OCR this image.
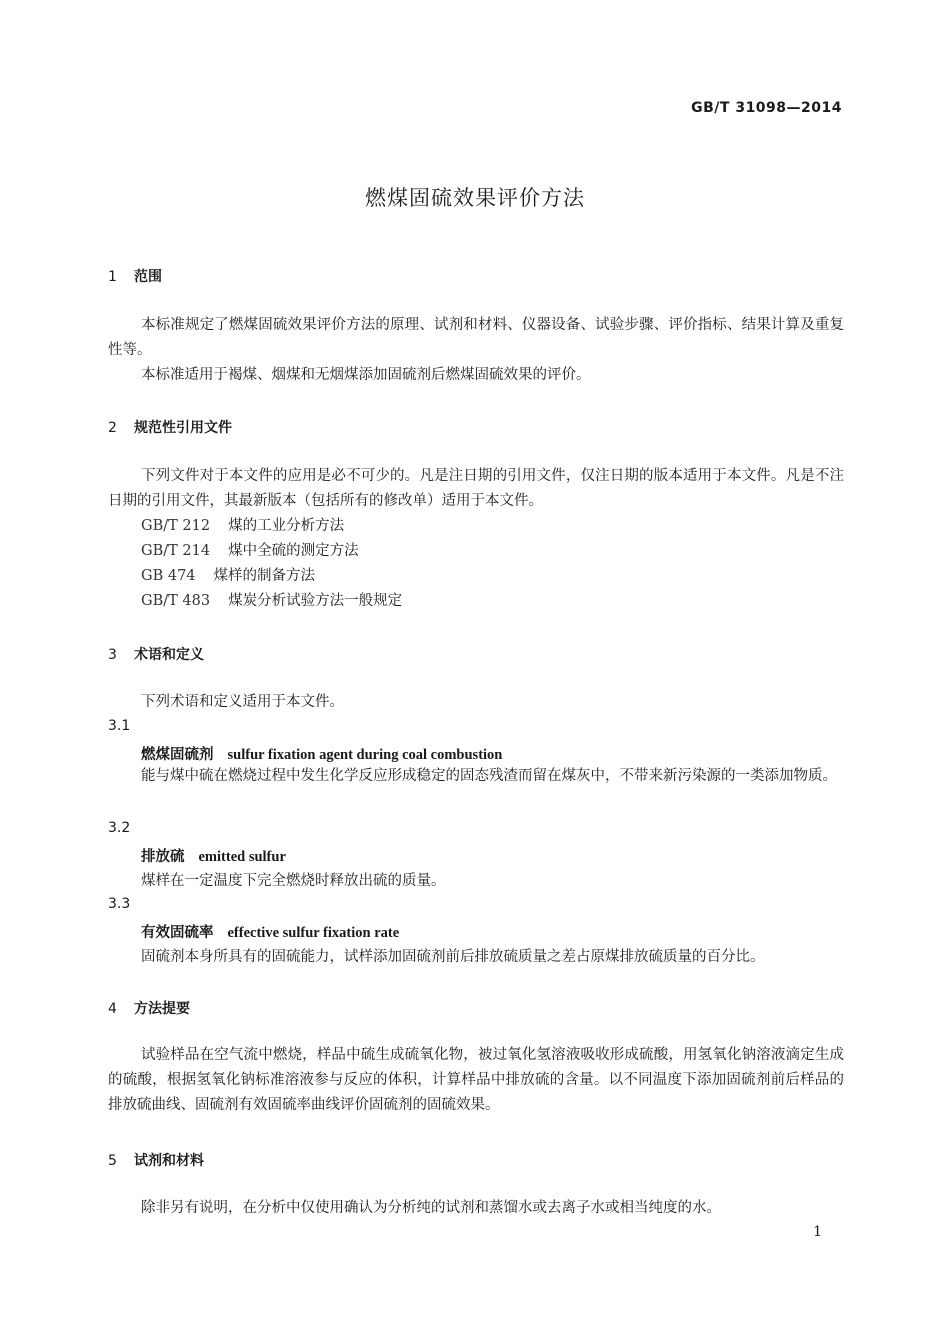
GB/T 31098—2014
燃煤固硫效果评价方法
1 范围
本标准规定了燃煤固硫效果评价方法的原理、试剂和材料、仪器设备、试验步骤、评价指标、结果计算及重复性等。
本标准适用于褐煤、烟煤和无烟煤添加固硫剂后燃煤固硫效果的评价。
2 规范性引用文件
下列文件对于本文件的应用是必不可少的。凡是注日期的引用文件，仅注日期的版本适用于本文件。凡是不注日期的引用文件，其最新版本（包括所有的修改单）适用于本文件。
GB/T 212 煤的工业分析方法
GB/T 214 煤中全硫的测定方法
GB 474 煤样的制备方法
GB/T 483 煤炭分析试验方法一般规定
3 术语和定义
下列术语和定义适用于本文件。
3.1
燃煤固硫剂 sulfur fixation agent during coal combustion
能与煤中硫在燃烧过程中发生化学反应形成稳定的固态残渣而留在煤灰中，不带来新污染源的一类添加物质。
3.2
排放硫 emitted sulfur
煤样在一定温度下完全燃烧时释放出硫的质量。
3.3
有效固硫率 effective sulfur fixation rate
固硫剂本身所具有的固硫能力，试样添加固硫剂前后排放硫质量之差占原煤排放硫质量的百分比。
4 方法提要
试验样品在空气流中燃烧，样品中硫生成硫氧化物，被过氧化氢溶液吸收形成硫酸，用氢氧化钠溶液滴定生成的硫酸，根据氢氧化钠标准溶液参与反应的体积，计算样品中排放硫的含量。以不同温度下添加固硫剂前后样品的排放硫曲线、固硫剂有效固硫率曲线评价固硫剂的固硫效果。
5 试剂和材料
除非另有说明，在分析中仅使用确认为分析纯的试剂和蒸馏水或去离子水或相当纯度的水。
1
